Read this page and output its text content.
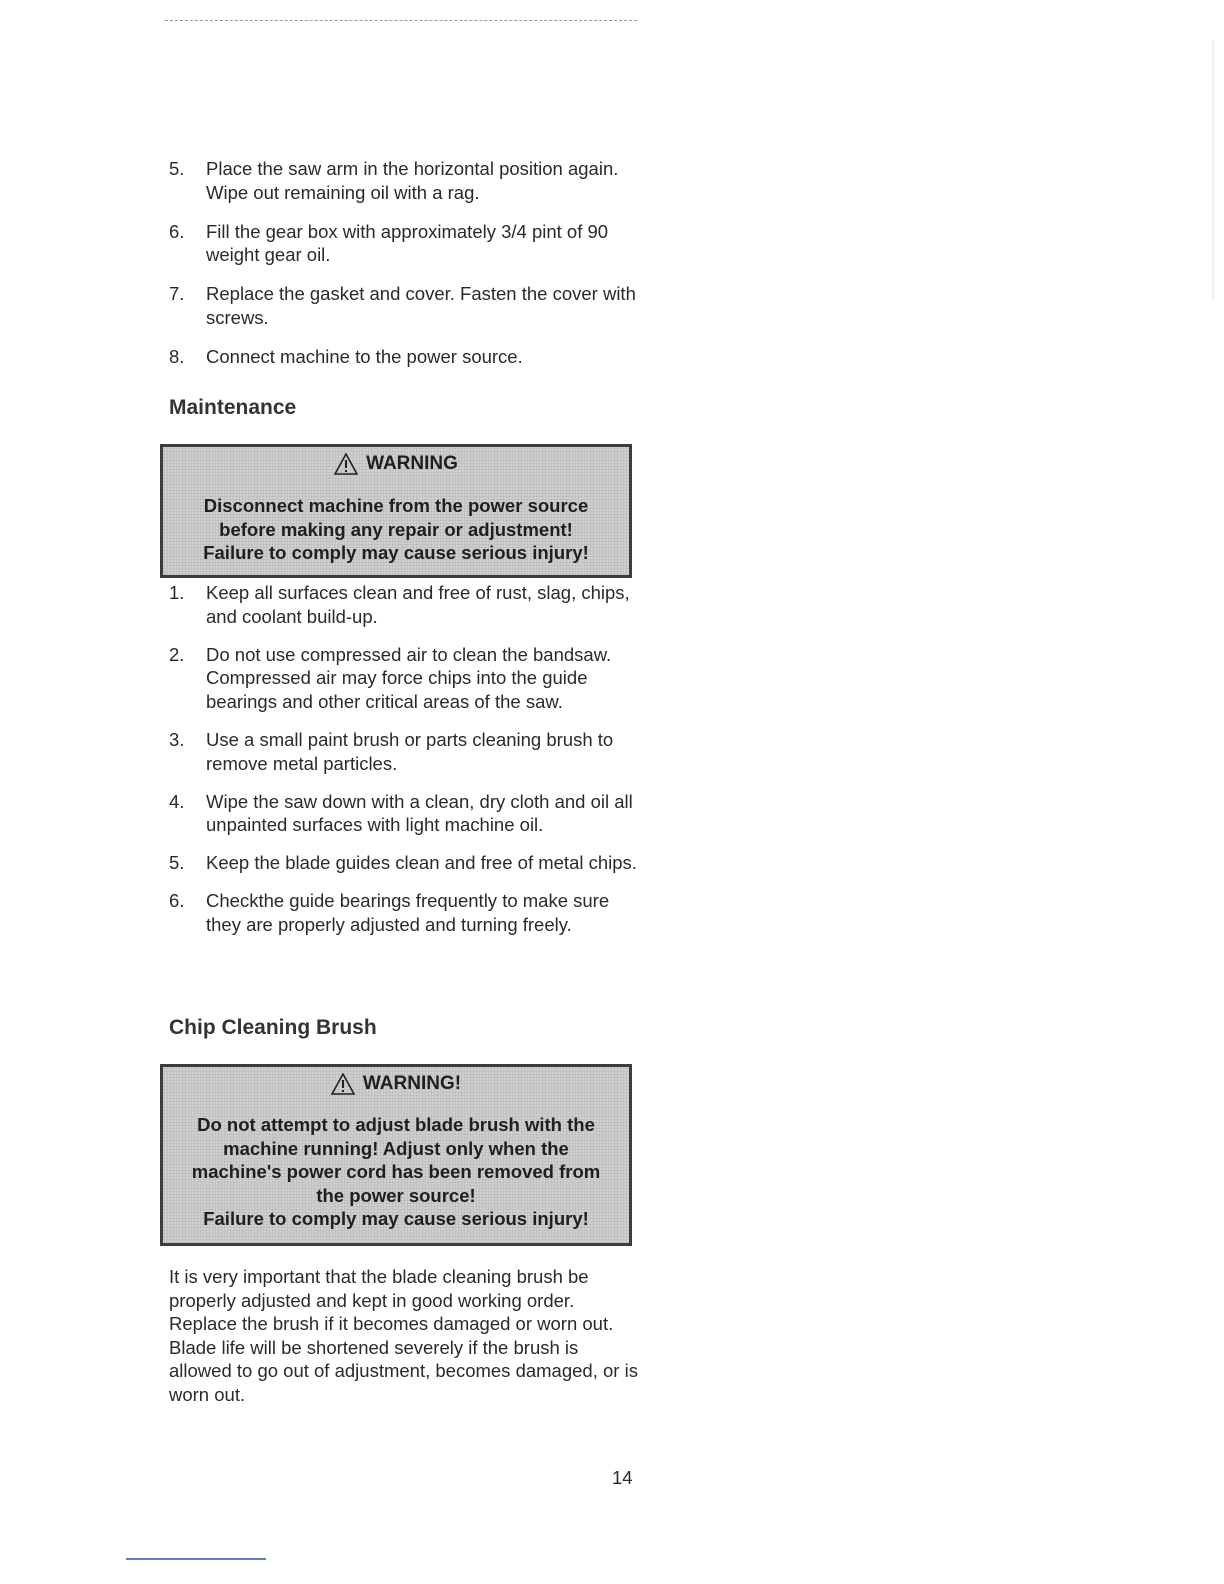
5.	Place the saw arm in the horizontal position again. Wipe out remaining oil with a rag.
6.	Fill the gear box with approximately 3/4 pint of 90 weight gear oil.
7.	Replace the gasket and cover. Fasten the cover with screws.
8.	Connect machine to the power source.
Maintenance
WARNING
Disconnect machine from the power source
before making any repair or adjustment!
Failure to comply may cause serious injury!
1.	Keep all surfaces clean and free of rust, slag, chips, and coolant build-up.
2.	Do not use compressed air to clean the bandsaw. Compressed air may force chips into the guide bearings and other critical areas of the saw.
3.	Use a small paint brush or parts cleaning brush to remove metal particles.
4.	Wipe the saw down with a clean, dry cloth and oil all unpainted surfaces with light machine oil.
5.	Keep the blade guides clean and free of metal chips.
6.	Checkthe guide bearings frequently to make sure they are properly adjusted and turning freely.
Chip Cleaning Brush
WARNING!
Do not attempt to adjust blade brush with the
machine running! Adjust only when the
machine's power cord has been removed from
the power source!
Failure to comply may cause serious injury!

It is very important that the blade cleaning brush be properly adjusted and kept in good working order. Replace the brush if it becomes damaged or worn out. Blade life will be shortened severely if the brush is allowed to go out of adjustment, becomes damaged, or is worn out.

14
